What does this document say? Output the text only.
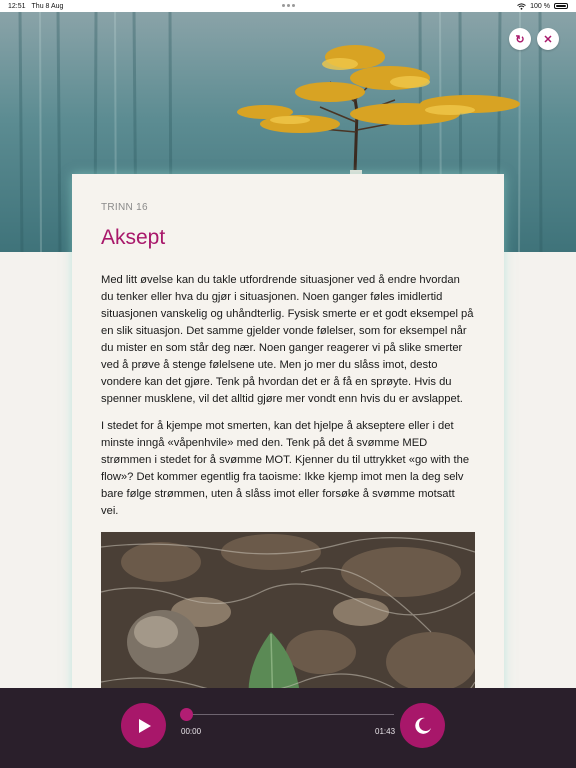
12:51 Thu 8 Aug	100 %
↻ ✕
TRINN 16
Aksept

Med litt øvelse kan du takle utfordrende situasjoner ved å endre hvordan du tenker eller hva du gjør i situasjonen. Noen ganger føles imidlertid situasjonen vanskelig og uhåndterlig. Fysisk smerte er et godt eksempel på en slik situasjon. Det samme gjelder vonde følelser, som for eksempel når du mister en som står deg nær. Noen ganger reagerer vi på slike smerter ved å prøve å stenge følelsene ute. Men jo mer du slåss imot, desto vondere kan det gjøre. Tenk på hvordan det er å få en sprøyte. Hvis du spenner musklene, vil det alltid gjøre mer vondt enn hvis du er avslappet.

I stedet for å kjempe mot smerten, kan det hjelpe å akseptere eller i det minste inngå «våpenhvile» med den. Tenk på det å svømme MED strømmen i stedet for å svømme MOT. Kjenner du til uttrykket «go with the flow»? Det kommer egentlig fra taoisme: Ikke kjemp imot men la deg selv bare følge strømmen, uten å slåss imot eller forsøke å svømme motsatt vei.

00:00	01:43
